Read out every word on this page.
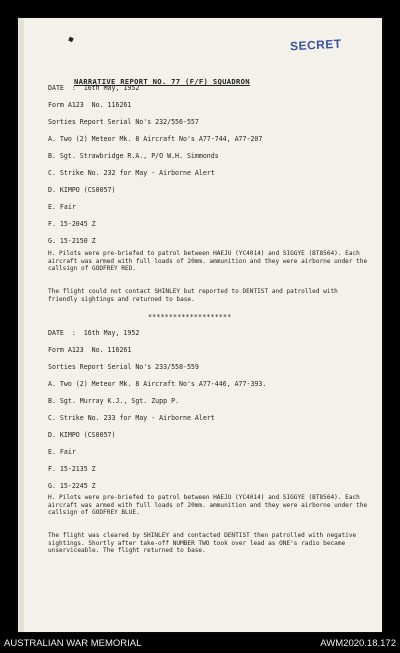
◆	SECRET
NARRATIVE REPORT NO. 77 (F/F) SQUADRON
DATE  :  16th May, 1952
Form A123  No. 116261
Sorties Report Serial No's 232/556-557
A. Two (2) Meteor Mk. 8 Aircraft No's A77-744, A77-207
B. Sgt. Strawbridge R.A., P/O W.H. Simmonds
C. Strike No. 232 for May - Airborne Alert
D. KIMPO (CS0057)
E. Fair
F. 15-2045 Z
G. 15-2150 Z
H. Pilots were pre-briefed to patrol between HAEJU (YC4014) and SIGGYE (BT8564). Each aircraft was armed with full loads of 20mm. ammunition and they were airborne under the callsign of GODFREY RED.
The flight could not contact SHINLEY but reported to DENTIST and patrolled with friendly sightings and returned to base.
********************
DATE  :  16th May, 1952
Form A123  No. 116261
Sorties Report Serial No's 233/558-559
A. Two (2) Meteor Mk. 8 Aircraft No's A77-446, A77-393.
B. Sgt. Murray K.J., Sgt. Zupp P.
C. Strike No. 233 for May - Airborne Alert
D. KIMPO (CS0057)
E. Fair
F. 15-2135 Z
G. 15-2245 Z
H. Pilots were pre-briefed to patrol between HAEJU (YC4014) and SIGGYE (BT8564). Each aircraft was armed with full loads of 20mm. ammunition and they were airborne under the callsign of GODFREY BLUE.
The flight was cleared by SHINLEY and contacted DENTIST then patrolled with negative sightings. Shortly after take-off NUMBER TWO took over lead as ONE's radio became unserviceable. The flight returned to base.
AUSTRALIAN WAR MEMORIAL	AWM2020.18.172
